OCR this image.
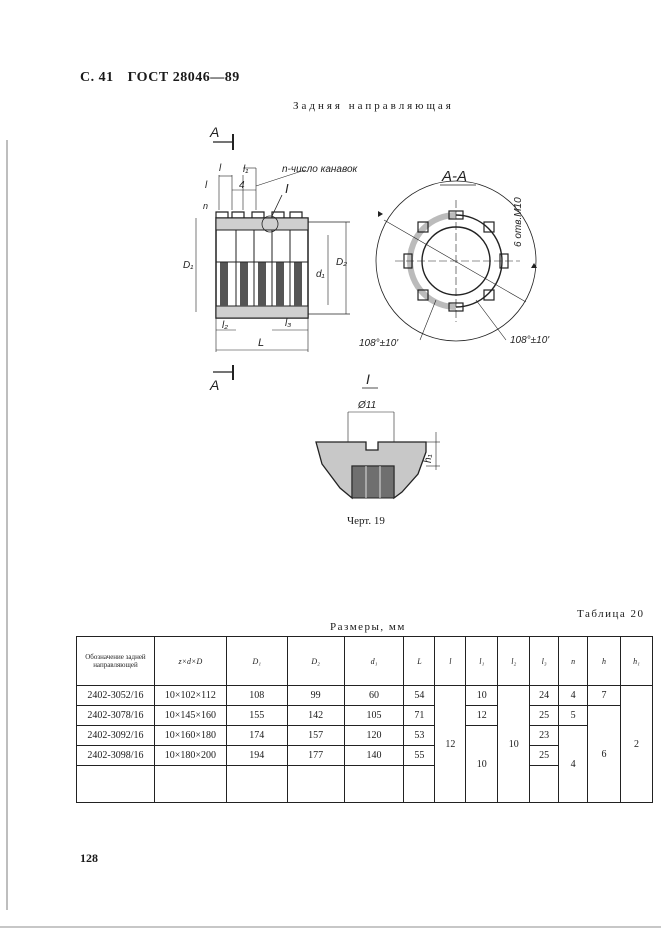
С. 41 ГОСТ 28046—89
Задняя направляющая
А
А
I
l l₁
4
l
n-число канавок
n
D₁
d₁
D₂
l₂	l₃
L
А-А
6 отв.М10
108°±10'	108°±10'
I
Ø11
h₁
Черт. 19
Таблица 20
Размеры, мм
Обозначение задней направляющей	z×d×D	D₁	D₂	d₁	L	l	l₁	l₂	l₃	n	h	h₁
2402-3052/16	10×102×112	108	99	60	54	12	10	10	24	4	7	2
2402-3078/16	10×145×160	155	142	105	71		12		25	5	6	
2402-3092/16	10×160×180	174	157	120	53		10		23	4		
2402-3098/16	10×180×200	194	177	140	55				25			

128
